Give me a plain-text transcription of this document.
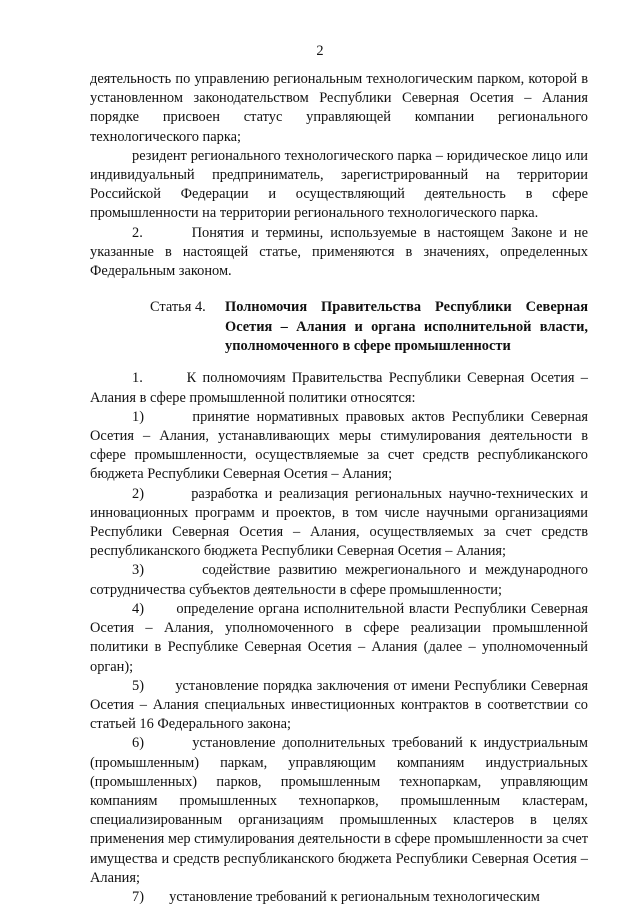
2

деятельность по управлению региональным технологическим парком, которой в установленном законодательством Республики Северная Осетия – Алания порядке присвоен статус управляющей компании регионального технологического парка;

резидент регионального технологического парка – юридическое лицо или индивидуальный предприниматель, зарегистрированный на территории Российской Федерации и осуществляющий деятельность в сфере промышленности на территории регионального технологического парка.

2.       Понятия и термины, используемые в настоящем Законе и не указанные в настоящей статье, применяются в значениях, определенных Федеральным законом.

Статья 4.	Полномочия Правительства Республики Северная Осетия – Алания и органа исполнительной власти, уполномоченного в сфере промышленности

1.       К полномочиям Правительства Республики Северная Осетия – Алания в сфере промышленной политики относятся:

1)       принятие нормативных правовых актов Республики Северная Осетия – Алания, устанавливающих меры стимулирования деятельности в сфере промышленности, осуществляемые за счет средств республиканского бюджета Республики Северная Осетия – Алания;

2)       разработка и реализация региональных научно-технических и инновационных программ и проектов, в том числе научными организациями Республики Северная Осетия – Алания, осуществляемых за счет средств республиканского бюджета Республики Северная Осетия – Алания;

3)       содействие развитию межрегионального и международного сотрудничества субъектов деятельности в сфере промышленности;

4)       определение органа исполнительной власти Республики Северная Осетия – Алания, уполномоченного в сфере реализации промышленной политики в Республике Северная Осетия – Алания (далее – уполномоченный орган);

5)       установление порядка заключения от имени Республики Северная Осетия – Алания специальных инвестиционных контрактов в соответствии со статьей 16 Федерального закона;

6)       установление дополнительных требований к индустриальным (промышленным) паркам, управляющим компаниям индустриальных (промышленных) парков, промышленным технопаркам, управляющим компаниям промышленных технопарков, промышленным кластерам, специализированным организациям промышленных кластеров в целях применения мер стимулирования деятельности в сфере промышленности за счет имущества и средств республиканского бюджета Республики Северная Осетия – Алания;

7)       установление требований к региональным технологическим
